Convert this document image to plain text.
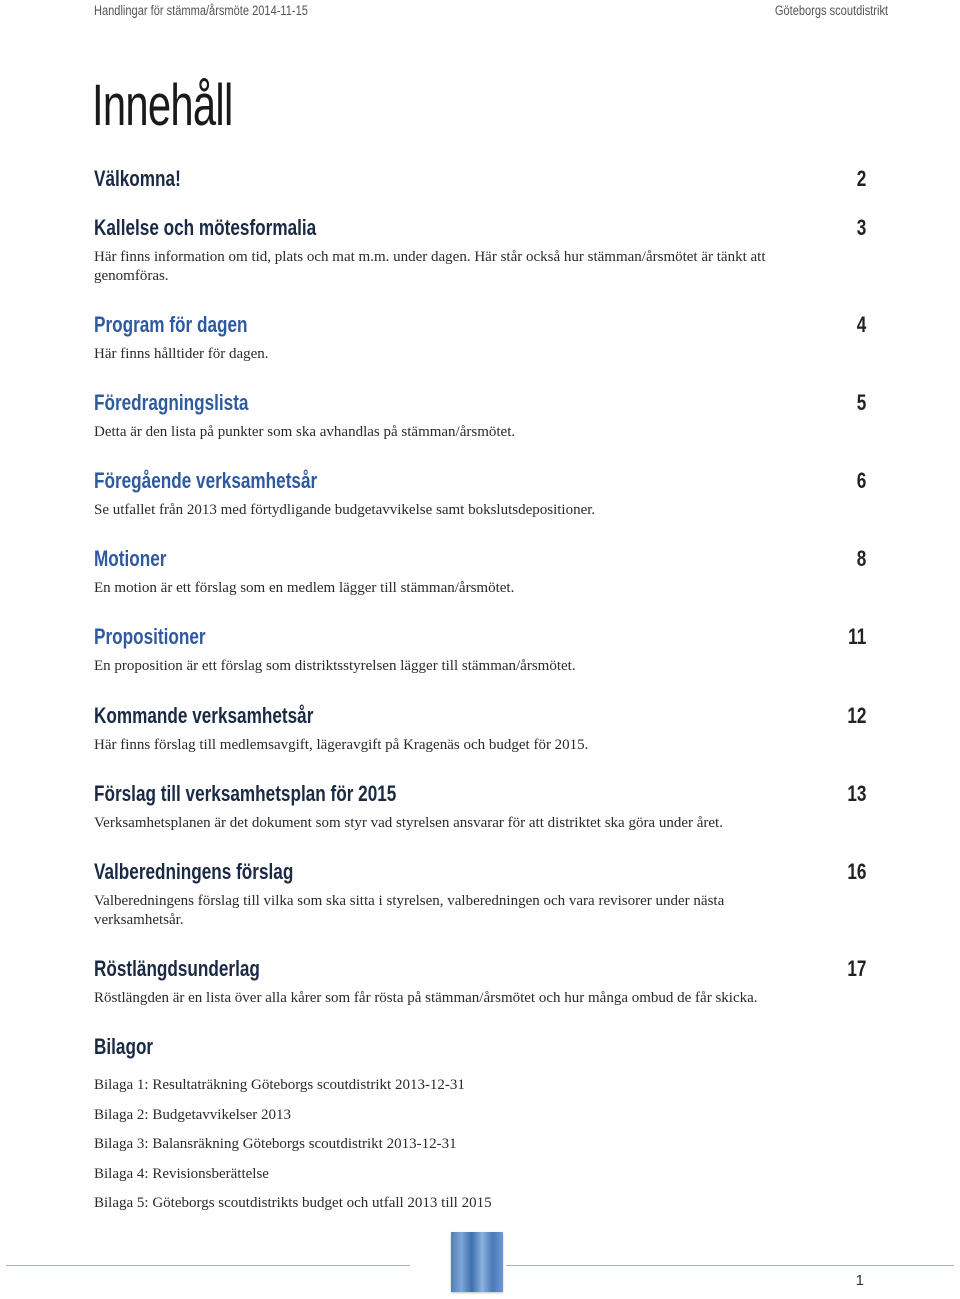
Handlingar för stämma/årsmöte 2014-11-15	Göteborgs scoutdistrikt
Innehåll
Välkomna!	2
Kallelse och mötesformalia	3
Här finns information om tid, plats och mat m.m. under dagen. Här står också hur stämman/årsmötet är tänkt att genomföras.
Program för dagen	4
Här finns hålltider för dagen.
Föredragningslista	5
Detta är den lista på punkter som ska avhandlas på stämman/årsmötet.
Föregående verksamhetsår	6
Se utfallet från 2013 med förtydligande budgetavvikelse samt bokslutsdepositioner.
Motioner	8
En motion är ett förslag som en medlem lägger till stämman/årsmötet.
Propositioner	11
En proposition är ett förslag som distriktsstyrelsen lägger till stämman/årsmötet.
Kommande verksamhetsår	12
Här finns förslag till medlemsavgift, lägeravgift på Kragenäs och budget för 2015.
Förslag till verksamhetsplan för 2015	13
Verksamhetsplanen är det dokument som styr vad styrelsen ansvarar för att distriktet ska göra under året.
Valberedningens förslag	16
Valberedningens förslag till vilka som ska sitta i styrelsen, valberedningen och vara revisorer under nästa verksamhetsår.
Röstlängdsunderlag	17
Röstlängden är en lista över alla kårer som får rösta på stämman/årsmötet och hur många ombud de får skicka.
Bilagor
Bilaga 1: Resultaträkning Göteborgs scoutdistrikt 2013-12-31
Bilaga 2: Budgetavvikelser 2013
Bilaga 3: Balansräkning Göteborgs scoutdistrikt 2013-12-31
Bilaga 4: Revisionsberättelse
Bilaga 5: Göteborgs scoutdistrikts budget och utfall 2013 till 2015
1
